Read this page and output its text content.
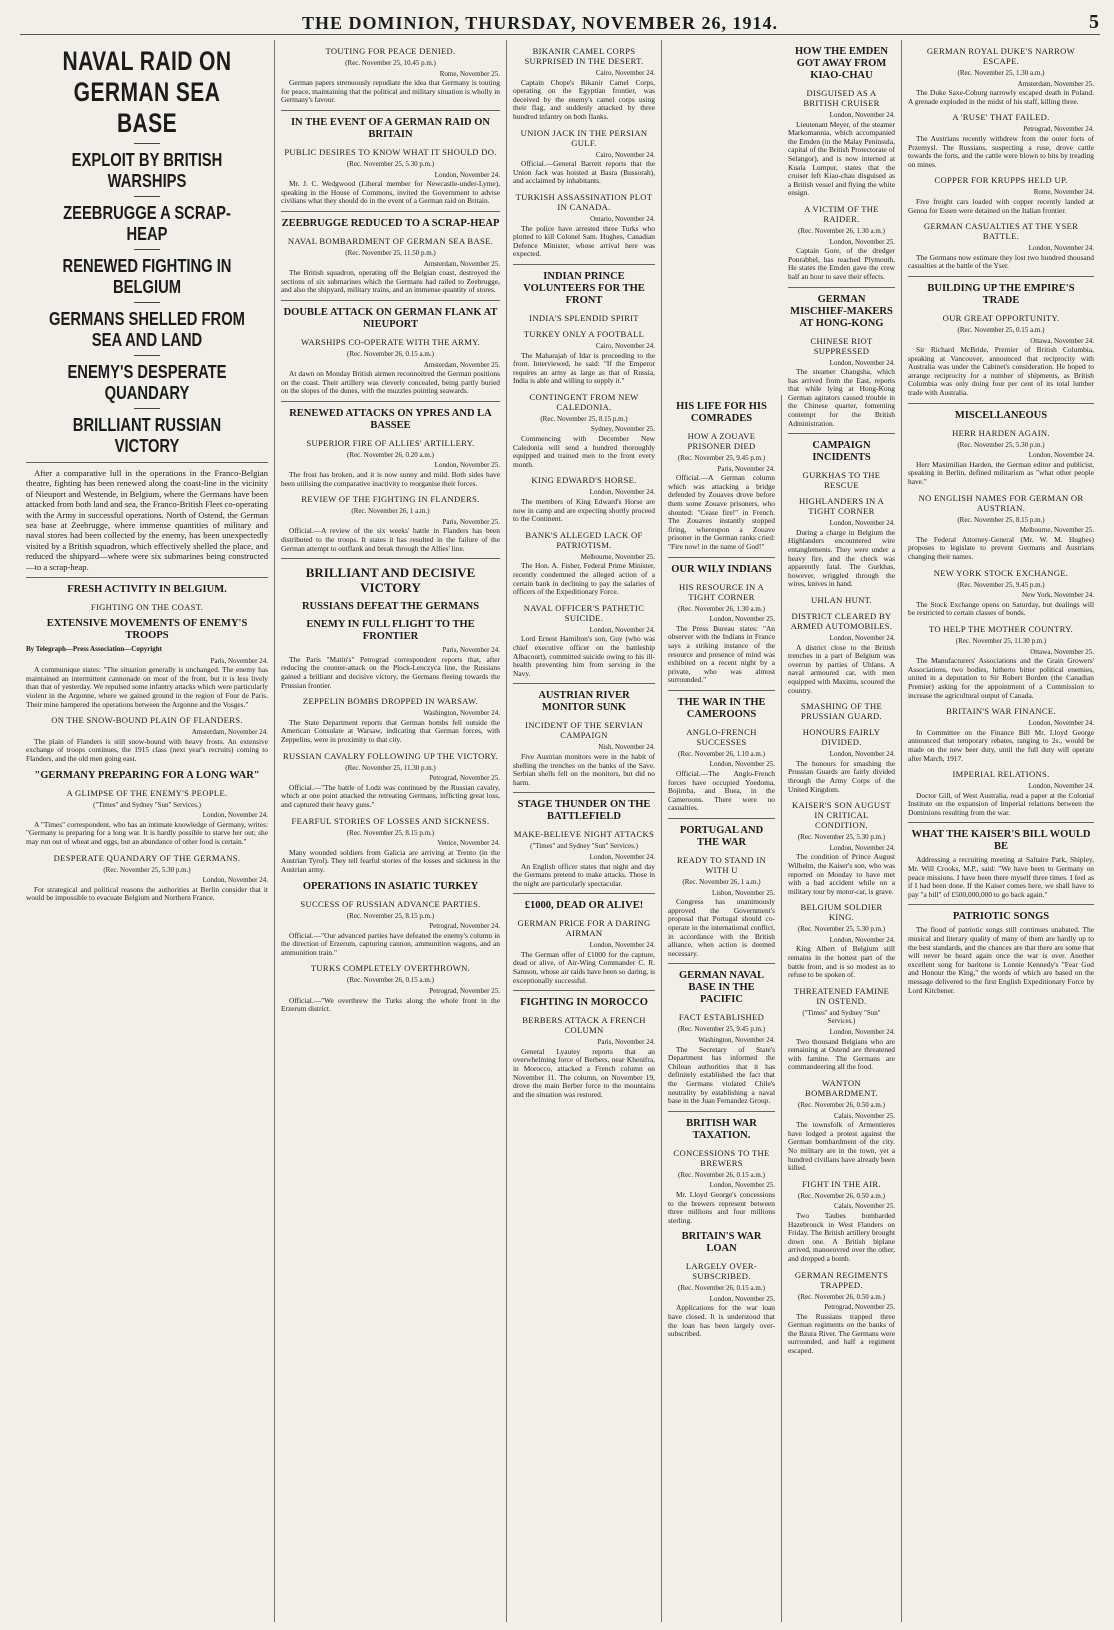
THE DOMINION, THURSDAY, NOVEMBER 26, 1914.	5
NAVAL RAID ON GERMAN SEA BASE
EXPLOIT BY BRITISH WARSHIPS
ZEEBRUGGE A SCRAP-HEAP
RENEWED FIGHTING IN BELGIUM
GERMANS SHELLED FROM SEA AND LAND
ENEMY'S DESPERATE QUANDARY
BRILLIANT RUSSIAN VICTORY

After a comparative lull in the operations in the Franco-Belgian theatre, fighting has been renewed along the coast-line in the vicinity of Nieuport and Westende, in Belgium, where the Germans have been attacked from both land and sea, the Franco-British Fleet co-operating with the Army in successful operations. North of Ostend, the German sea base at Zeebrugge, where immense quantities of military and naval stores had been collected by the enemy, has been unexpectedly visited by a British squadron, which effectively shelled the place, and reduced the shipyard—where were six submarines being constructed—to a scrap-heap.

FRESH ACTIVITY IN BELGIUM.
FIGHTING ON THE COAST.
EXTENSIVE MOVEMENTS OF ENEMY'S TROOPS
By Telegraph—Press Association—Copyright
Paris, November 24.

A communique states: "The situation generally is unchanged. The enemy has maintained an intermittent cannonade on most of the front, but it is less lively than that of yesterday. We repulsed some infantry attacks which were particularly violent in the Argonne, where we gained ground in the region of Four de Paris. Their mine hampered the operations between the Argonne and the Vosges."

ON THE SNOW-BOUND PLAIN OF FLANDERS.
Amsterdam, November 24.

The plain of Flanders is still snow-bound with heavy frosts. An extensive exchange of troops continues, the 1915 class (next year's recruits) coming to Flanders, and the old men going east.

"GERMANY PREPARING FOR A LONG WAR"
A GLIMPSE OF THE ENEMY'S PEOPLE.
("Times" and Sydney "Sun" Services.)
London, November 24.

A "Times" correspondent, who has an intimate knowledge of Germany, writes: "Germany is preparing for a long war. It is hardly possible to starve her out; she may run out of wheat and eggs, but an abundance of other food is certain."

DESPERATE QUANDARY OF THE GERMANS.
(Rec. November 25, 5.30 p.m.)
London, November 24.

For strategical and political reasons the authorities at Berlin consider that it would be impossible to evacuate Belgium and Northern France.

TOUTING FOR PEACE DENIED.
(Rec. November 25, 10.45 p.m.)
Rome, November 25.

German papers strenuously repudiate the idea that Germany is touting for peace, maintaining that the political and military situation is wholly in Germany's favour.

IN THE EVENT OF A GERMAN RAID ON BRITAIN
PUBLIC DESIRES TO KNOW WHAT IT SHOULD DO.
(Rec. November 25, 5.30 p.m.)
London, November 24.

Mr. J. C. Wedgwood (Liberal member for Newcastle-under-Lyme), speaking in the House of Commons, invited the Government to advise civilians what they should do in the event of a German raid on Britain.

ZEEBRUGGE REDUCED TO A SCRAP-HEAP
NAVAL BOMBARDMENT OF GERMAN SEA BASE.
(Rec. November 25, 11.50 p.m.)
Amsterdam, November 25.

The British squadron, operating off the Belgian coast, destroyed the sections of six submarines which the Germans had railed to Zeebrugge, and also the shipyard, military trains, and an immense quantity of stores.

DOUBLE ATTACK ON GERMAN FLANK AT NIEUPORT
WARSHIPS CO-OPERATE WITH THE ARMY.
(Rec. November 26, 0.15 a.m.)
Amsterdam, November 25.

At dawn on Monday British airmen reconnoitred the German positions on the coast. Their artillery was cleverly concealed, being partly buried on the slopes of the dunes, with the muzzles pointing seawards.

RENEWED ATTACKS ON YPRES AND LA BASSEE
SUPERIOR FIRE OF ALLIES' ARTILLERY.
(Rec. November 26, 0.20 a.m.)
London, November 25.

The frost has broken, and it is now sunny and mild. Both sides have been utilising the comparative inactivity to reorganise their forces.

REVIEW OF THE FIGHTING IN FLANDERS.
(Rec. November 26, 1 a.m.)
Paris, November 25.

Official.—A review of the six weeks' battle in Flanders has been distributed to the troops. It states it has resulted in the failure of the German attempt to outflank and break through the Allies' line.

BRILLIANT AND DECISIVE VICTORY
RUSSIANS DEFEAT THE GERMANS
ENEMY IN FULL FLIGHT TO THE FRONTIER
Paris, November 24.

The Paris "Matin's" Petrograd correspondent reports that, after reducing the counter-attack on the Plock-Lenczyca line, the Russians gained a brilliant and decisive victory, the Germans fleeing towards the Prussian frontier.

ZEPPELIN BOMBS DROPPED IN WARSAW.
Washington, November 24.

The State Department reports that German bombs fell outside the American Consulate at Warsaw, indicating that German forces, with Zeppelins, were in proximity to that city.

RUSSIAN CAVALRY FOLLOWING UP THE VICTORY.
(Rec. November 25, 11.30 p.m.)
Petrograd, November 25.

Official.—"The battle of Lodz was continued by the Russian cavalry, which at one point attacked the retreating Germans, inflicting great loss, and captured their heavy guns."

FEARFUL STORIES OF LOSSES AND SICKNESS.
(Rec. November 25, 8.15 p.m.)
Venice, November 24.

Many wounded soldiers from Galicia are arriving at Trento (in the Austrian Tyrol). They tell fearful stories of the losses and sickness in the Austrian army.

OPERATIONS IN ASIATIC TURKEY
SUCCESS OF RUSSIAN ADVANCE PARTIES.
(Rec. November 25, 8.15 p.m.)
Petrograd, November 24.

Official.—"Our advanced parties have defeated the enemy's column in the direction of Erzerum, capturing cannon, ammunition wagons, and an ammunition train."

TURKS COMPLETELY OVERTHROWN.
(Rec. November 26, 0.15 a.m.)
Petrograd, November 25.

Official.—"We overthrew the Turks along the whole front in the Erzerum district.

BIKANIR CAMEL CORPS SURPRISED IN THE DESERT.
Cairo, November 24.

Captain Chope's Bikanir Camel Corps, operating on the Egyptian frontier, was deceived by the enemy's camel corps using their flag, and suddenly attacked by three hundred infantry on both flanks.

UNION JACK IN THE PERSIAN GULF.
Cairo, November 24.

Official.—General Barrett reports that the Union Jack was hoisted at Basra (Bussorah), and acclaimed by inhabitants.

TURKISH ASSASSINATION PLOT IN CANADA.
Ontario, November 24.

The police have arrested three Turks who plotted to kill Colonel Sam. Hughes, Canadian Defence Minister, whose arrival here was expected.

INDIAN PRINCE VOLUNTEERS FOR THE FRONT
INDIA'S SPLENDID SPIRIT
TURKEY ONLY A FOOTBALL
Cairo, November 24.

The Maharajah of Idar is proceeding to the front. Interviewed, he said: "If the Emperor requires an army as large as that of Russia, India is able and willing to supply it."

CONTINGENT FROM NEW CALEDONIA.
(Rec. November 25, 8.15 p.m.)
Sydney, November 25.

Commencing with December New Caledonia will send a hundred thoroughly equipped and trained men to the front every month.

KING EDWARD'S HORSE.
London, November 24.

The members of King Edward's Horse are now in camp and are expecting shortly proceed to the Continent.

BANK'S ALLEGED LACK OF PATRIOTISM.
Melbourne, November 25.

The Hon. A. Fisher, Federal Prime Minister, recently condemned the alleged action of a certain bank in declining to pay the salaries of officers of the Expeditionary Force.

NAVAL OFFICER'S PATHETIC SUICIDE.
London, November 24.

Lord Ernest Hamilton's son, Guy (who was chief executive officer on the battleship Albacourt), committed suicide owing to his ill-health preventing him from serving in the Navy.

AUSTRIAN RIVER MONITOR SUNK
INCIDENT OF THE SERVIAN CAMPAIGN
Nish, November 24.

Five Austrian monitors were in the habit of shelling the trenches on the banks of the Save. Serbian shells fell on the monitors, but did no harm.

STAGE THUNDER ON THE BATTLEFIELD
MAKE-BELIEVE NIGHT ATTACKS
("Times" and Sydney "Sun" Services.)
London, November 24.

An English officer states that night and day the Germans pretend to make attacks. Those in the night are particularly spectacular.

£1000, DEAD OR ALIVE!
GERMAN PRICE FOR A DARING AIRMAN
London, November 24.

The German offer of £1000 for the capture, dead or alive, of Air-Wing Commander C. R. Samson, whose air raids have been so daring, is exceptionally successful.

FIGHTING IN MOROCCO
BERBERS ATTACK A FRENCH COLUMN
Paris, November 24.

General Lyautey reports that an overwhelming force of Berbers, near Khenifra, in Morocco, attacked a French column on November 11. The column, on November 19, drove the main Berber force to the mountains and the situation was restored.

HIS LIFE FOR HIS COMRADES
HOW A ZOUAVE PRISONER DIED
(Rec. November 25, 9.45 p.m.)
Paris, November 24.

Official.—A German column which was attacking a bridge defended by Zouaves drove before them some Zouave prisoners, who shouted: "Cease fire!" in French. The Zouaves instantly stopped firing, whereupon a Zouave prisoner in the German ranks cried: "Fire now! in the name of God!"

OUR WILY INDIANS
HIS RESOURCE IN A TIGHT CORNER
(Rec. November 26, 1.30 a.m.)
London, November 25.

The Press Bureau states: "An observer with the Indians in France says a striking instance of the resource and presence of mind was exhibited on a recent night by a private, who was almost surrounded."

THE WAR IN THE CAMEROONS
ANGLO-FRENCH SUCCESSES
(Rec. November 26, 1.10 a.m.)
London, November 25.

Official.—The Anglo-French forces have occupied Yoedoma, Bojimba, and Buea, in the Cameroons. There were no casualties.

PORTUGAL AND THE WAR
READY TO STAND IN WITH U
(Rec. November 26, 1 a.m.)
Lisbon, November 25.

Congress has unanimously approved the Government's proposal that Portugal should co-operate in the international conflict, in accordance with the British alliance, when action is deemed necessary.

GERMAN NAVAL BASE IN THE PACIFIC
FACT ESTABLISHED
(Rec. November 25, 9.45 p.m.)
Washington, November 24.

The Secretary of State's Department has informed the Chilean authorities that it has definitely established the fact that the Germans violated Chile's neutrality by establishing a naval base in the Juan Fernandez Group.

BRITISH WAR TAXATION.
CONCESSIONS TO THE BREWERS
(Rec. November 26, 0.15 a.m.)
London, November 25.

Mr. Lloyd George's concessions to the brewers represent between three millions and four millions sterling.

BRITAIN'S WAR LOAN
LARGELY OVER-SUBSCRIBED.
(Rec. November 26, 0.15 a.m.)
London, November 25.

Applications for the war loan have closed. It is understood that the loan has been largely over-subscribed.

HOW THE EMDEN GOT AWAY FROM KIAO-CHAU
DISGUISED AS A BRITISH CRUISER
London, November 24.

Lieutenant Meyer, of the steamer Markomannia, which accompanied the Emden (in the Malay Peninsula, capital of the British Protectorate of Selangor), and is now interned at Kuala Lumpur, states that the cruiser left Kiao-chau disguised as a British vessel and flying the white ensign.

A VICTIM OF THE RAIDER.
(Rec. November 26, 1.30 a.m.)
London, November 25.

Captain Gore, of the dredger Ponrabbel, has reached Plymouth. He states the Emden gave the crew half an hour to save their effects.

GERMAN MISCHIEF-MAKERS AT HONG-KONG
CHINESE RIOT SUPPRESSED
London, November 24.

The steamer Changsha, which has arrived from the East, reports that while lying at Hong-Kong German agitators caused trouble in the Chinese quarter, fomenting contempt for the British Administration.

CAMPAIGN INCIDENTS
GURKHAS TO THE RESCUE
HIGHLANDERS IN A TIGHT CORNER
London, November 24.

During a charge in Belgium the Highlanders encountered wire entanglements. They were under a heavy fire, and the check was apparently fatal. The Gurkhas, however, wriggled through the wires, knives in hand.

UHLAN HUNT.
DISTRICT CLEARED BY ARMED AUTOMOBILES.
London, November 24.

A district close to the British trenches in a part of Belgium was overrun by parties of Uhlans. A naval armoured car, with men equipped with Maxims, scoured the country.

SMASHING OF THE PRUSSIAN GUARD.
HONOURS FAIRLY DIVIDED.
London, November 24.

The honours for smashing the Prussian Guards are fairly divided through the Army Corps of the United Kingdom.

KAISER'S SON AUGUST IN CRITICAL CONDITION.
(Rec. November 25, 5.30 p.m.)
London, November 24.

The condition of Prince August Wilhelm, the Kaiser's son, who was reported on Monday to have met with a bad accident while on a military tour by motor-car, is grave.

BELGIUM SOLDIER KING.
(Rec. November 25, 5.30 p.m.)
London, November 24.

King Albert of Belgium still remains in the hottest part of the battle front, and is so modest as to refuse to be spoken of.

THREATENED FAMINE IN OSTEND.
("Times" and Sydney "Sun" Services.)
London, November 24.

Two thousand Belgians who are remaining at Ostend are threatened with famine. The Germans are commandeering all the food.

WANTON BOMBARDMENT.
(Rec. November 26, 0.50 a.m.)
Calais, November 25.

The townsfolk of Armentieres have lodged a protest against the German bombardment of the city. No military are in the town, yet a hundred civilians have already been killed.

FIGHT IN THE AIR.
(Rec. November 26, 0.50 a.m.)
Calais, November 25.

Two Taubes bombarded Hazebrouck in West Flanders on Friday. The British artillery brought down one. A British biplane arrived, manoeuvred over the other, and dropped a bomb.

GERMAN REGIMENTS TRAPPED.
(Rec. November 26, 0.50 a.m.)
Petrograd, November 25.

The Russians trapped three German regiments on the banks of the Bzura River. The Germans were surrounded, and half a regiment escaped.

GERMAN ROYAL DUKE'S NARROW ESCAPE.
(Rec. November 25, 1.30 a.m.)
Amsterdam, November 25.

The Duke Saxe-Coburg narrowly escaped death in Poland. A grenade exploded in the midst of his staff, killing three.

A 'RUSE' THAT FAILED.
Petrograd, November 24.

The Austrians recently withdrew from the outer forts of Przemysl. The Russians, suspecting a ruse, drove cattle towards the forts, and the cattle were blown to bits by treading on mines.

COPPER FOR KRUPPS HELD UP.
Rome, November 24.

Five freight cars loaded with copper recently landed at Genoa for Essen were detained on the Italian frontier.

GERMAN CASUALTIES AT THE YSER BATTLE.
London, November 24.

The Germans now estimate they lost two hundred thousand casualties at the battle of the Yser.

BUILDING UP THE EMPIRE'S TRADE
OUR GREAT OPPORTUNITY.
(Rec. November 25, 0.15 a.m.)
Ottawa, November 24.

Sir Richard McBride, Premier of British Columbia, speaking at Vancouver, announced that reciprocity with Australia was under the Cabinet's consideration. He hoped to arrange reciprocity for a number of shipments, as British Columbia was only doing four per cent of its total lumber trade with Australia.

MISCELLANEOUS
HERR HARDEN AGAIN.
(Rec. November 25, 5.30 p.m.)
London, November 24.

Herr Maximilian Harden, the German editor and publicist, speaking in Berlin, defined militarism as "what other people have."

NO ENGLISH NAMES FOR GERMAN OR AUSTRIAN.
(Rec. November 25, 8.15 p.m.)
Melbourne, November 25.

The Federal Attorney-General (Mr. W. M. Hughes) proposes to legislate to prevent Germans and Austrians changing their names.

NEW YORK STOCK EXCHANGE.
(Rec. November 25, 9.45 p.m.)
New York, November 24.

The Stock Exchange opens on Saturday, but dealings will be restricted to certain classes of bonds.

TO HELP THE MOTHER COUNTRY.
(Rec. November 25, 11.30 p.m.)
Ottawa, November 25.

The Manufacturers' Associations and the Grain Growers' Associations, two bodies, hitherto bitter political enemies, united in a deputation to Sir Robert Borden (the Canadian Premier) asking for the appointment of a Commission to increase the agricultural output of Canada.

BRITAIN'S WAR FINANCE.
London, November 24.

In Committee on the Finance Bill Mr. Lloyd George announced that temporary rebates, ranging to 2s., would be made on the new beer duty, until the full duty will operate after March, 1917.

IMPERIAL RELATIONS.
London, November 24.

Doctor Gill, of West Australia, read a paper at the Colonial Institute on the expansion of Imperial relations between the Dominions resulting from the war.

WHAT THE KAISER'S BILL WOULD BE

Addressing a recruiting meeting at Saltaire Park, Shipley, Mr. Will Crooks, M.P., said: "We have been to Germany on peace missions. I have been there myself three times. I feel as if I had been done. If the Kaiser comes here, we shall have to pay "a bill" of £500,000,000 to go back again."

PATRIOTIC SONGS

The flood of patriotic songs still continues unabated. The musical and literary quality of many of them are hardly up to the best standards, and the chances are that there are some that will never be heard again once the war is over. Another excellent song for baritone is Lonnie Kennedy's "Fear God and Honour the King," the words of which are based on the message delivered to the first English Expeditionary Force by Lord Kitchener.
